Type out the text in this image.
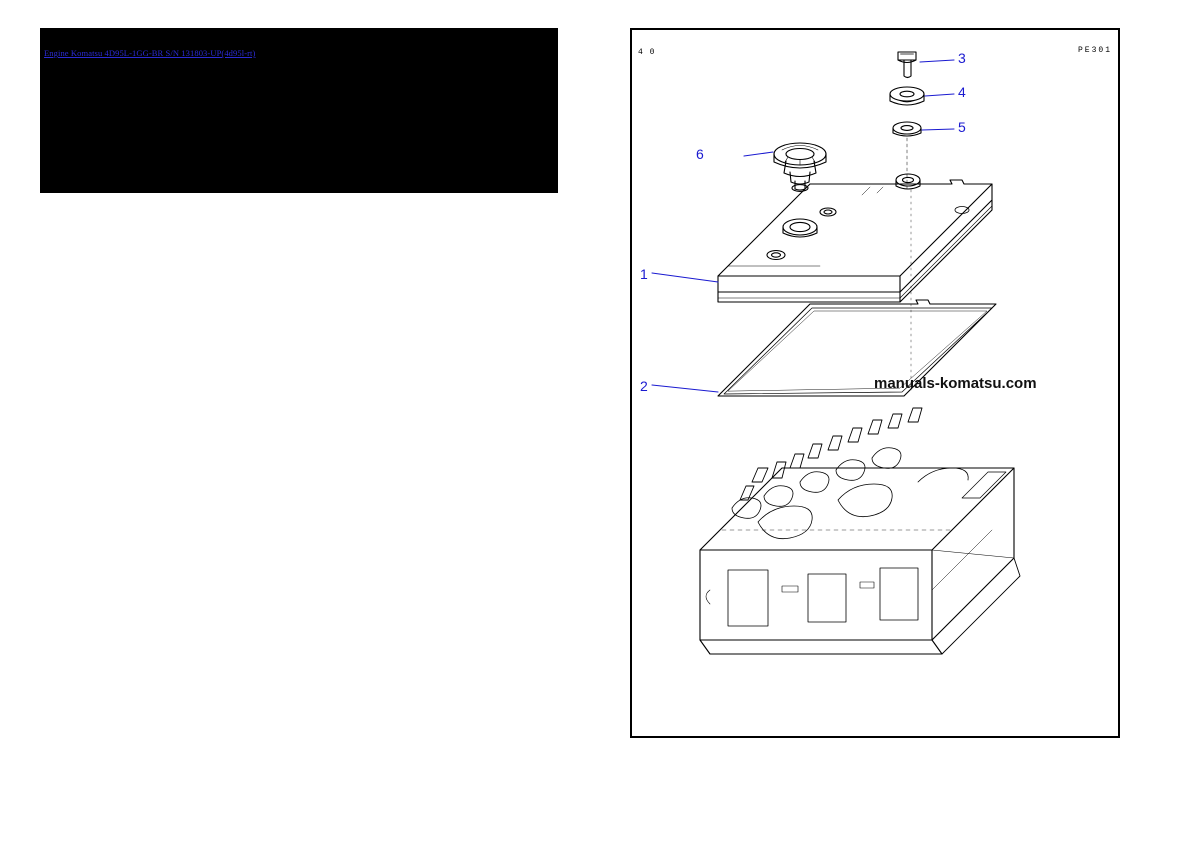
Engine Komatsu 4D95L-1GG-BR S/N 131803-UP(4d95l-rt)	4 0	PE301
manuals-komatsu.com
1
2
3
4
5
6
